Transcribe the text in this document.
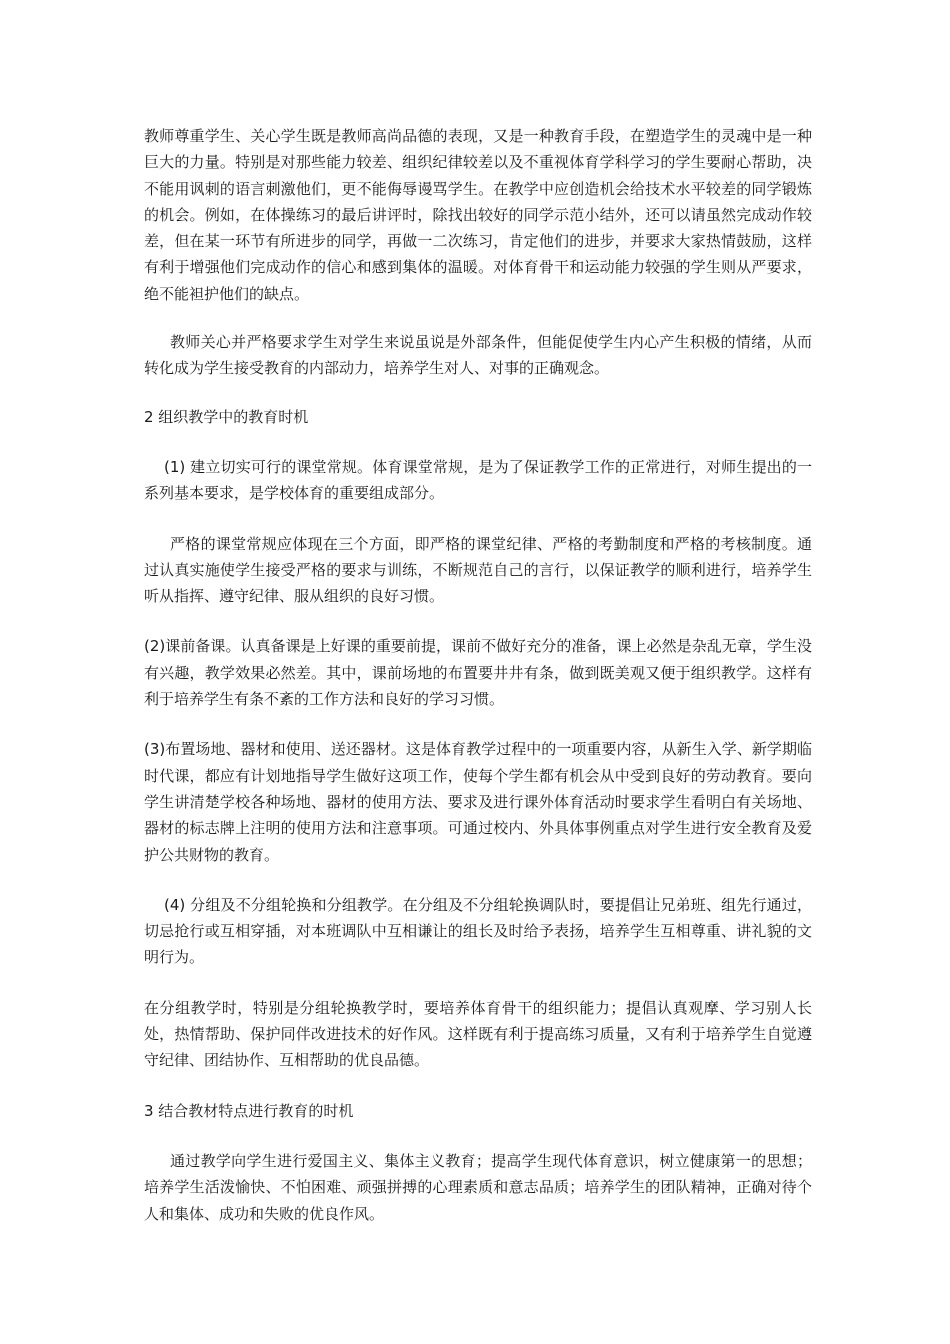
教师尊重学生、关心学生既是教师高尚品德的表现，又是一种教育手段，在塑造学生的灵魂中是一种巨大的力量。特别是对那些能力较差、组织纪律较差以及不重视体育学科学习的学生要耐心帮助，决不能用讽刺的语言刺激他们，更不能侮辱谩骂学生。在教学中应创造机会给技术水平较差的同学锻炼的机会。例如，在体操练习的最后讲评时，除找出较好的同学示范小结外，还可以请虽然完成动作较差，但在某一环节有所进步的同学，再做一二次练习，肯定他们的进步，并要求大家热情鼓励，这样有利于增强他们完成动作的信心和感到集体的温暖。对体育骨干和运动能力较强的学生则从严要求，绝不能袒护他们的缺点。

教师关心并严格要求学生对学生来说虽说是外部条件，但能促使学生内心产生积极的情绪，从而转化成为学生接受教育的内部动力，培养学生对人、对事的正确观念。

2 组织教学中的教育时机

(1) 建立切实可行的课堂常规。体育课堂常规，是为了保证教学工作的正常进行，对师生提出的一系列基本要求，是学校体育的重要组成部分。

严格的课堂常规应体现在三个方面，即严格的课堂纪律、严格的考勤制度和严格的考核制度。通过认真实施使学生接受严格的要求与训练，不断规范自己的言行，以保证教学的顺利进行，培养学生听从指挥、遵守纪律、服从组织的良好习惯。

(2)课前备课。认真备课是上好课的重要前提，课前不做好充分的准备，课上必然是杂乱无章，学生没有兴趣，教学效果必然差。其中，课前场地的布置要井井有条，做到既美观又便于组织教学。这样有利于培养学生有条不紊的工作方法和良好的学习习惯。

(3)布置场地、器材和使用、送还器材。这是体育教学过程中的一项重要内容，从新生入学、新学期临时代课，都应有计划地指导学生做好这项工作，使每个学生都有机会从中受到良好的劳动教育。要向学生讲清楚学校各种场地、器材的使用方法、要求及进行课外体育活动时要求学生看明白有关场地、器材的标志牌上注明的使用方法和注意事项。可通过校内、外具体事例重点对学生进行安全教育及爱护公共财物的教育。

(4) 分组及不分组轮换和分组教学。在分组及不分组轮换调队时，要提倡让兄弟班、组先行通过，切忌抢行或互相穿插，对本班调队中互相谦让的组长及时给予表扬，培养学生互相尊重、讲礼貌的文明行为。

在分组教学时，特别是分组轮换教学时，要培养体育骨干的组织能力；提倡认真观摩、学习别人长处，热情帮助、保护同伴改进技术的好作风。这样既有利于提高练习质量，又有利于培养学生自觉遵守纪律、团结协作、互相帮助的优良品德。

3 结合教材特点进行教育的时机

通过教学向学生进行爱国主义、集体主义教育；提高学生现代体育意识，树立健康第一的思想；培养学生活泼愉快、不怕困难、顽强拼搏的心理素质和意志品质；培养学生的团队精神，正确对待个人和集体、成功和失败的优良作风。
